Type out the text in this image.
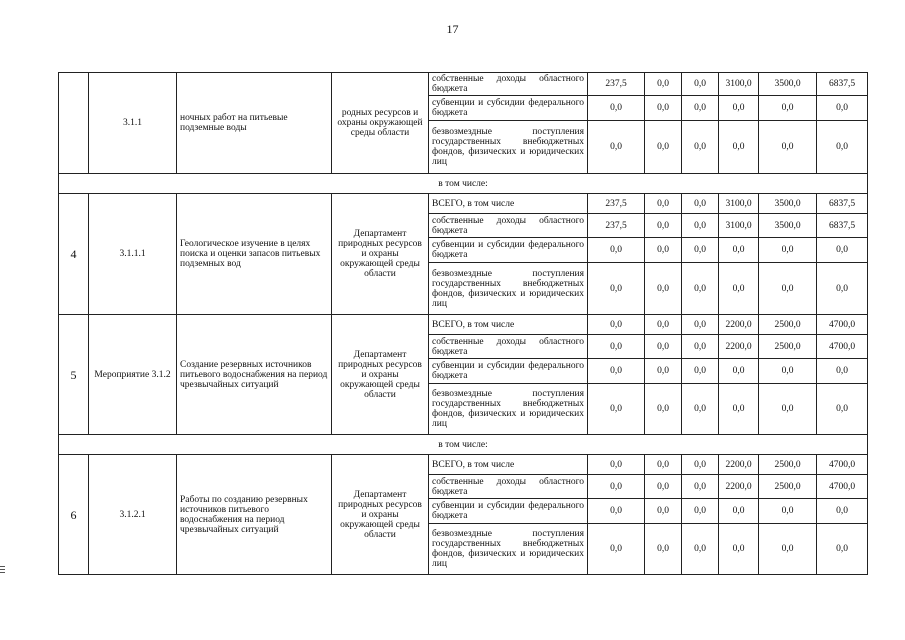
17
	3.1.1	ночных работ на питьевые подземные воды	родных ресурсов и охраны окружающей среды области	собственные доходы областного бюджета	237,5	0,0	0,0	3100,0	3500,0	6837,5
				субвенции и субсидии федерального бюджета	0,0	0,0	0,0	0,0	0,0	0,0
				безвозмездные поступления государственных внебюджетных фондов, физических и юридических лиц	0,0	0,0	0,0	0,0	0,0	0,0
в том числе:										
4	3.1.1.1	Геологическое изучение в целях поиска и оценки запасов питьевых подземных вод	Департамент природных ресурсов и охраны окружающей среды области	ВСЕГО, в том числе	237,5	0,0	0,0	3100,0	3500,0	6837,5
				собственные доходы областного бюджета	237,5	0,0	0,0	3100,0	3500,0	6837,5
				субвенции и субсидии федерального бюджета	0,0	0,0	0,0	0,0	0,0	0,0
				безвозмездные поступления государственных внебюджетных фондов, физических и юридических лиц	0,0	0,0	0,0	0,0	0,0	0,0
5	Мероприятие 3.1.2	Создание резервных источников питьевого водоснабжения на период чрезвычайных ситуаций	Департамент природных ресурсов и охраны окружающей среды области	ВСЕГО, в том числе	0,0	0,0	0,0	2200,0	2500,0	4700,0
				собственные доходы областного бюджета	0,0	0,0	0,0	2200,0	2500,0	4700,0
				субвенции и субсидии федерального бюджета	0,0	0,0	0,0	0,0	0,0	0,0
				безвозмездные поступления государственных внебюджетных фондов, физических и юридических лиц	0,0	0,0	0,0	0,0	0,0	0,0
в том числе:										
6	3.1.2.1	Работы по созданию резервных источников питьевого водоснабжения на период чрезвычайных ситуаций	Департамент природных ресурсов и охраны окружающей среды области	ВСЕГО, в том числе	0,0	0,0	0,0	2200,0	2500,0	4700,0
				собственные доходы областного бюджета	0,0	0,0	0,0	2200,0	2500,0	4700,0
				субвенции и субсидии федерального бюджета	0,0	0,0	0,0	0,0	0,0	0,0
				безвозмездные поступления государственных внебюджетных фондов, физических и юридических лиц	0,0	0,0	0,0	0,0	0,0	0,0
